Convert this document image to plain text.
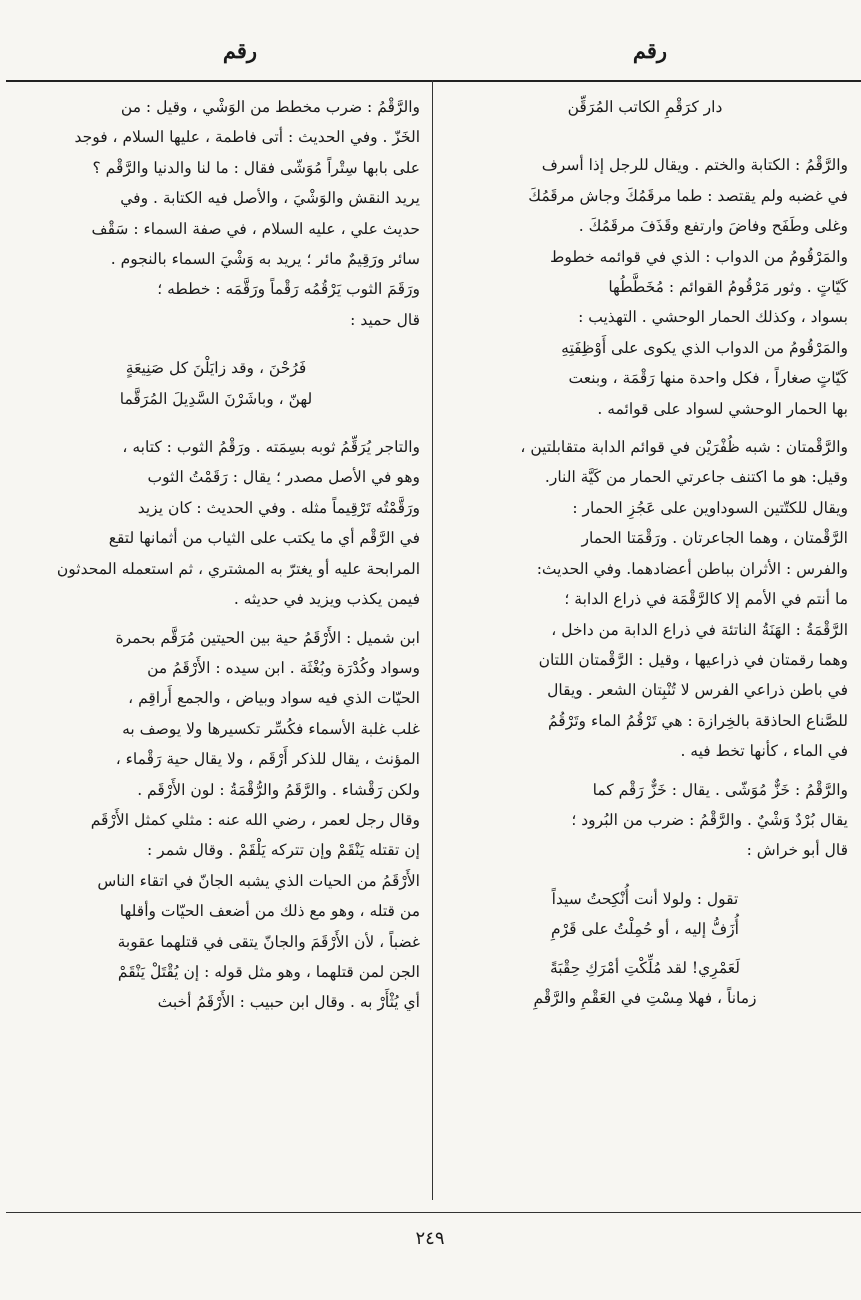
رقم
رقم
دار كرَقْمِ الكاتب المُرَقِّن
والرَّقْمُ : الكتابة والختم . ويقال للرجل إذا أسرف
في غضبه ولم يقتصد : طما مرقَمُكَ وجاش مرقَمُكَ
وغلى وطَفَح وفاضَ وارتفع وقَذَفَ مرقَمُكَ .
والمَرْقُومُ من الدواب : الذي في قوائمه خطوط
كَيّاتٍ . وثور مَرْقُومُ القوائم : مُخَطَّطُها
بسواد ، وكذلك الحمار الوحشي . التهذيب :
والمَرْقُومُ من الدواب الذي يكوى على أَوْظِفَتِهِ
كَيّاتٍ صغاراً ، فكل واحدة منها رَقْمَة ، وبنعت
بها الحمار الوحشي لسواد على قوائمه .
والرَّقْمتان : شبه ظُفْرَيْن في قوائم الدابة متقابلتين ،
وقيل: هو ما اكتنف جاعرتي الحمار من كَيَّة النار.
ويقال للكتّتين السوداوين على عَجُزِ الحمار :
الرَّقْمتان ، وهما الجاعرتان . ورَقْمَتا الحمار
والفرس : الأثران بباطن أعضادهما. وفي الحديث:
ما أنتم في الأمم إلا كالرَّقْمَة في ذراع الدابة ؛
الرَّقْمَةُ : الهَنَةُ الناتئة في ذراع الدابة من داخل ،
وهما رقمتان في ذراعيها ، وقيل : الرَّقْمتان اللتان
في باطن ذراعي الفرس لا تُنْبِتان الشعر . ويقال
للصَّناع الحاذقة بالخِرازة : هي تَرْقُمُ الماء وتَرْقُمُ
في الماء ، كأنها تخط فيه .
والرَّقْمُ : خَزٌّ مُوَشّى . يقال : خَزٌّ رَقْم كما
يقال بُرْدٌ وَشْيٌ . والرَّقْمُ : ضرب من البُرود ؛
قال أبو خراش :
تقول : ولولا أنت أُنْكِحتُ سيداً
أُزَفُّ إليه ، أو حُمِلْتُ على قَرْمِ
لَعَمْرِي! لقد مُلِّكْتِ أمْرَكِ حِقْبَةً
زماناً ، فهلا مِسْتِ في العَقْمِ والرَّقْمِ
والرَّقْمُ : ضرب مخطط من الوَشْي ، وقيل : من
الخَزّ . وفي الحديث : أتى فاطمة ، عليها السلام ، فوجد
على بابها سِتْراً مُوَشّى فقال : ما لنا والدنيا والرَّقْم ؟
يريد النقش والوَشْيَ ، والأصل فيه الكتابة . وفي
حديث علي ، عليه السلام ، في صفة السماء : سَقْف
سائر ورَقِيمٌ مائر ؛ يريد به وَشْيَ السماء بالنجوم .
ورَقَمَ الثوب يَرْقُمُه رَقْماً ورَقَّمَه : خططه ؛
قال حميد :
فَرُحْنَ ، وقد زايَلْنَ كل صَنِيعَةٍ
لهنّ ، وباشَرْنَ السَّدِيلَ المُرَقَّما
والتاجر يُرَقِّمُ ثوبه بسِمَته . ورَقْمُ الثوب : كتابه ،
وهو في الأصل مصدر ؛ يقال : رَقَمْتُ الثوب
ورَقَّمْتُه تَرْقِيماً مثله . وفي الحديث : كان يزيد
في الرَّقْم أي ما يكتب على الثياب من أثمانها لتقع
المرابحة عليه أو يغترّ به المشتري ، ثم استعمله المحدثون
فيمن يكذب ويزيد في حديثه .
ابن شميل : الأَرْقَمُ حية بين الحيتين مُرَقَّم بحمرة
وسواد وكُدْرَة وبُغْثَة . ابن سيده : الأَرْقَمُ من
الحيّات الذي فيه سواد وبياض ، والجمع أَراقِم ،
غلب غلبة الأسماء فكُسِّر تكسيرها ولا يوصف به
المؤنث ، يقال للذكر أَرْقَم ، ولا يقال حية رَقْماء ،
ولكن رَقْشاء . والرَّقَمُ والرُّقْمَةُ : لون الأَرْقَم .
وقال رجل لعمر ، رضي الله عنه : مثلي كمثل الأَرْقَم
إن تقتله يَنْقَمْ وإن تتركه يَلْقَمْ . وقال شمر :
الأَرْقَمُ من الحيات الذي يشبه الجانّ في اتقاء الناس
من قتله ، وهو مع ذلك من أضعف الحيّات وأقلها
غضباً ، لأن الأَرْقَمَ والجانّ يتقى في قتلهما عقوبة
الجن لمن قتلهما ، وهو مثل قوله : إن يُقْتَلْ يَنْقَمْ
أي يُثْأَرْ به . وقال ابن حبيب : الأَرْقَمُ أخبث
٢٤٩
